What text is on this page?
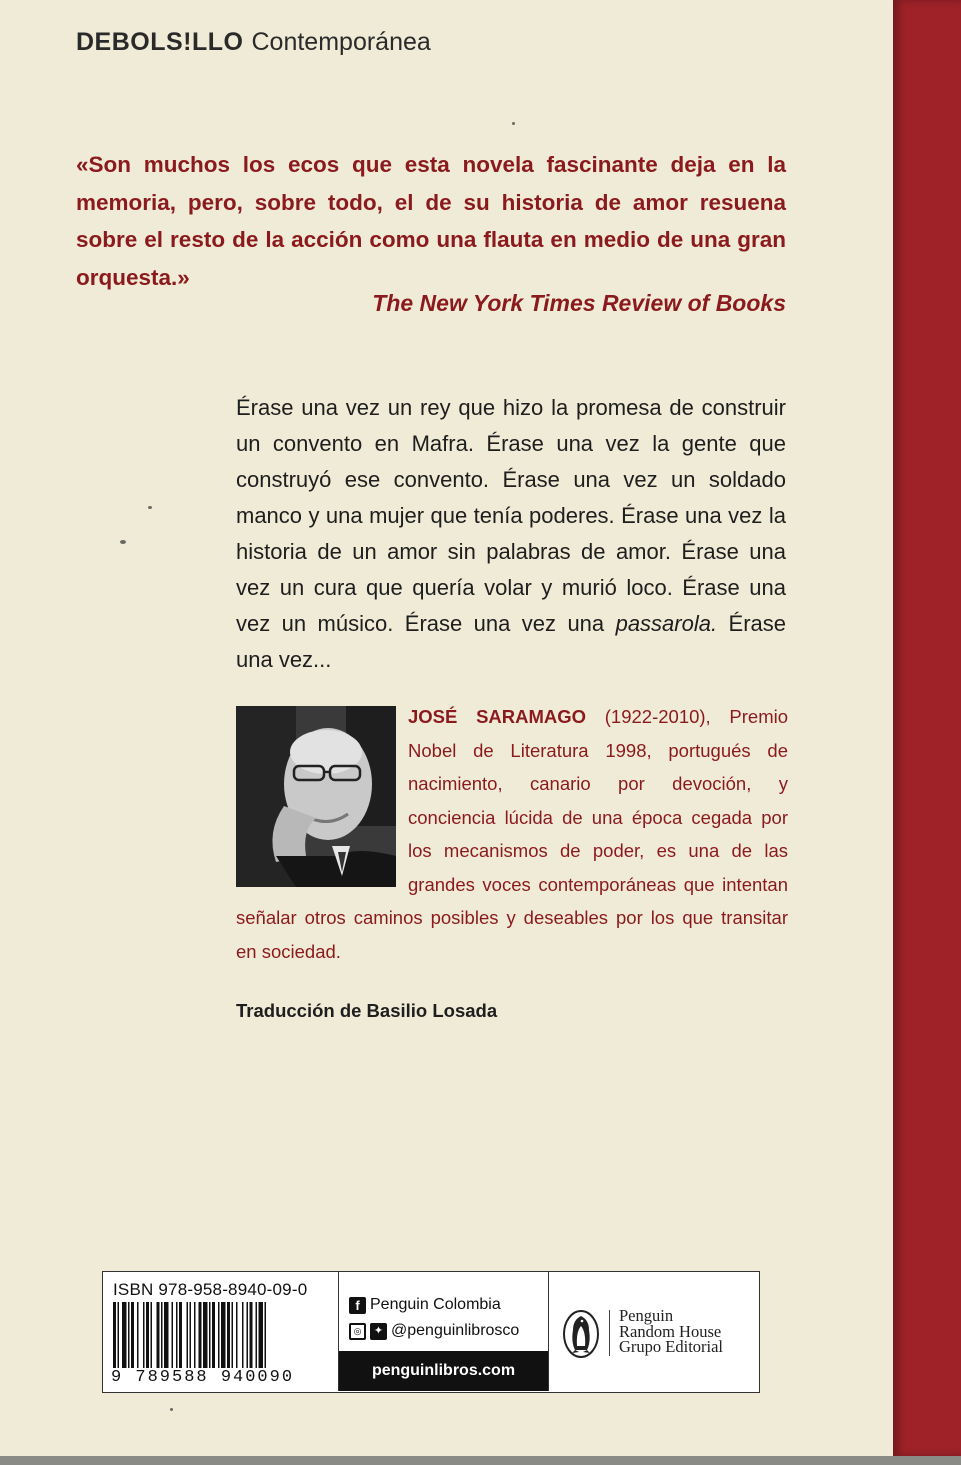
DEBOLS!LLO Contemporánea
«Son muchos los ecos que esta novela fascinante deja en la memoria, pero, sobre todo, el de su historia de amor resuena sobre el resto de la acción como una flauta en medio de una gran orquesta.»
The New York Times Review of Books
Érase una vez un rey que hizo la promesa de construir un convento en Mafra. Érase una vez la gente que construyó ese convento. Érase una vez un soldado manco y una mujer que tenía poderes. Érase una vez la historia de un amor sin palabras de amor. Érase una vez un cura que quería volar y murió loco. Érase una vez un músico. Érase una vez una passarola. Érase una vez...
JOSÉ SARAMAGO (1922-2010), Premio Nobel de Literatura 1998, portugués de nacimiento, canario por devoción, y conciencia lúcida de una época cegada por los mecanismos de poder, es una de las grandes voces contemporáneas que intentan señalar otros caminos posibles y deseables por los que transitar en sociedad.
Traducción de Basilio Losada
ISBN 978-958-8940-09-0
9 789588 940090
f Penguin Colombia
◎	✦ @penguinlibrosco
penguinlibros.com
Penguin
Random House
Grupo Editorial
